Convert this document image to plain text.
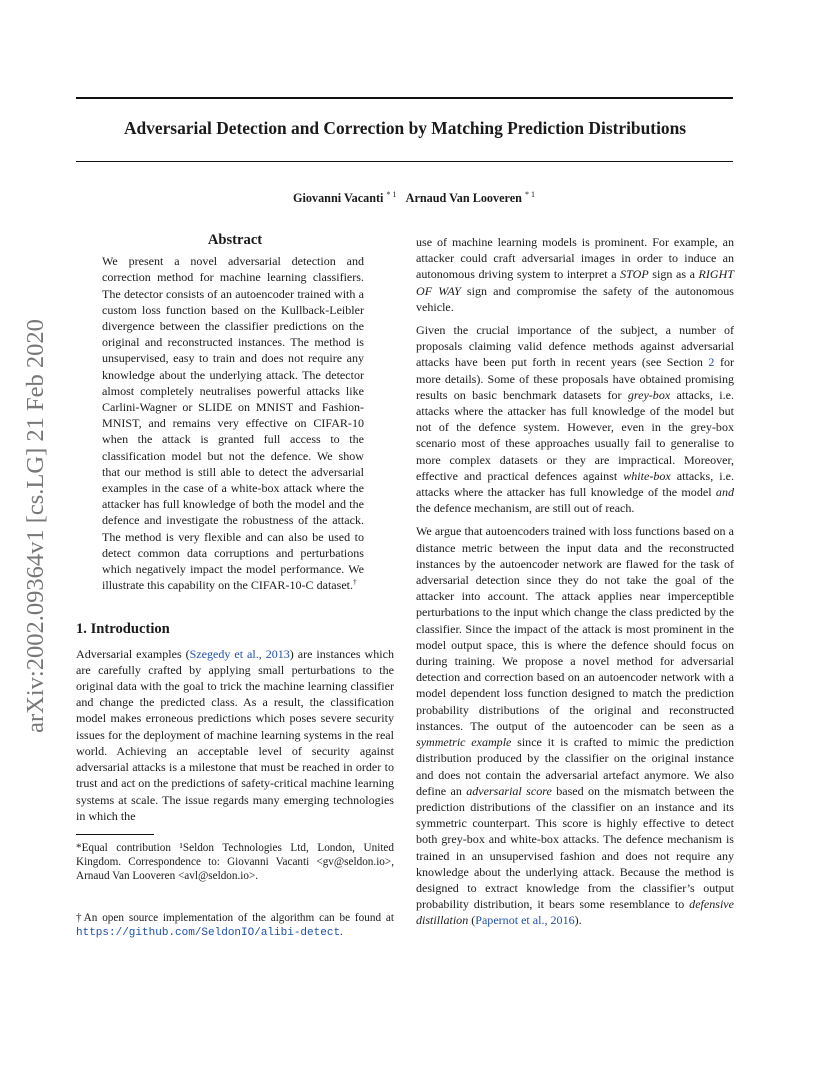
Adversarial Detection and Correction by Matching Prediction Distributions
Giovanni Vacanti $^{* 1}$ Arnaud Van Looveren $^{* 1}$
arXiv:2002.09364v1 [cs.LG] 21 Feb 2020
Abstract

We present a novel adversarial detection and correction method for machine learning classifiers. The detector consists of an autoencoder trained with a custom loss function based on the Kullback-Leibler divergence between the classifier predictions on the original and reconstructed instances. The method is unsupervised, easy to train and does not require any knowledge about the underlying attack. The detector almost completely neutralises powerful attacks like Carlini-Wagner or SLIDE on MNIST and Fashion-MNIST, and remains very effective on CIFAR-10 when the attack is granted full access to the classification model but not the defence. We show that our method is still able to detect the adversarial examples in the case of a white-box attack where the attacker has full knowledge of both the model and the defence and investigate the robustness of the attack. The method is very flexible and can also be used to detect common data corruptions and perturbations which negatively impact the model performance. We illustrate this capability on the CIFAR-10-C dataset.†

1. Introduction

Adversarial examples (Szegedy et al., 2013) are instances which are carefully crafted by applying small perturbations to the original data with the goal to trick the machine learning classifier and change the predicted class. As a result, the classification model makes erroneous predictions which poses severe security issues for the deployment of machine learning systems in the real world. Achieving an acceptable level of security against adversarial attacks is a milestone that must be reached in order to trust and act on the predictions of safety-critical machine learning systems at scale. The issue regards many emerging technologies in which the

*Equal contribution ¹Seldon Technologies Ltd, London, United Kingdom. Correspondence to: Giovanni Vacanti <gv@seldon.io>, Arnaud Van Looveren <avl@seldon.io>.

†An open source implementation of the algorithm can be found at https://github.com/SeldonIO/alibi-detect.

use of machine learning models is prominent. For example, an attacker could craft adversarial images in order to induce an autonomous driving system to interpret a STOP sign as a RIGHT OF WAY sign and compromise the safety of the autonomous vehicle.

Given the crucial importance of the subject, a number of proposals claiming valid defence methods against adversarial attacks have been put forth in recent years (see Section 2 for more details). Some of these proposals have obtained promising results on basic benchmark datasets for grey-box attacks, i.e. attacks where the attacker has full knowledge of the model but not of the defence system. However, even in the grey-box scenario most of these approaches usually fail to generalise to more complex datasets or they are impractical. Moreover, effective and practical defences against white-box attacks, i.e. attacks where the attacker has full knowledge of the model and the defence mechanism, are still out of reach.

We argue that autoencoders trained with loss functions based on a distance metric between the input data and the reconstructed instances by the autoencoder network are flawed for the task of adversarial detection since they do not take the goal of the attacker into account. The attack applies near imperceptible perturbations to the input which change the class predicted by the classifier. Since the impact of the attack is most prominent in the model output space, this is where the defence should focus on during training. We propose a novel method for adversarial detection and correction based on an autoencoder network with a model dependent loss function designed to match the prediction probability distributions of the original and reconstructed instances. The output of the autoencoder can be seen as a symmetric example since it is crafted to mimic the prediction distribution produced by the classifier on the original instance and does not contain the adversarial artefact anymore. We also define an adversarial score based on the mismatch between the prediction distributions of the classifier on an instance and its symmetric counterpart. This score is highly effective to detect both grey-box and white-box attacks. The defence mechanism is trained in an unsupervised fashion and does not require any knowledge about the underlying attack. Because the method is designed to extract knowledge from the classifier’s output probability distribution, it bears some resemblance to defensive distillation (Papernot et al., 2016).
